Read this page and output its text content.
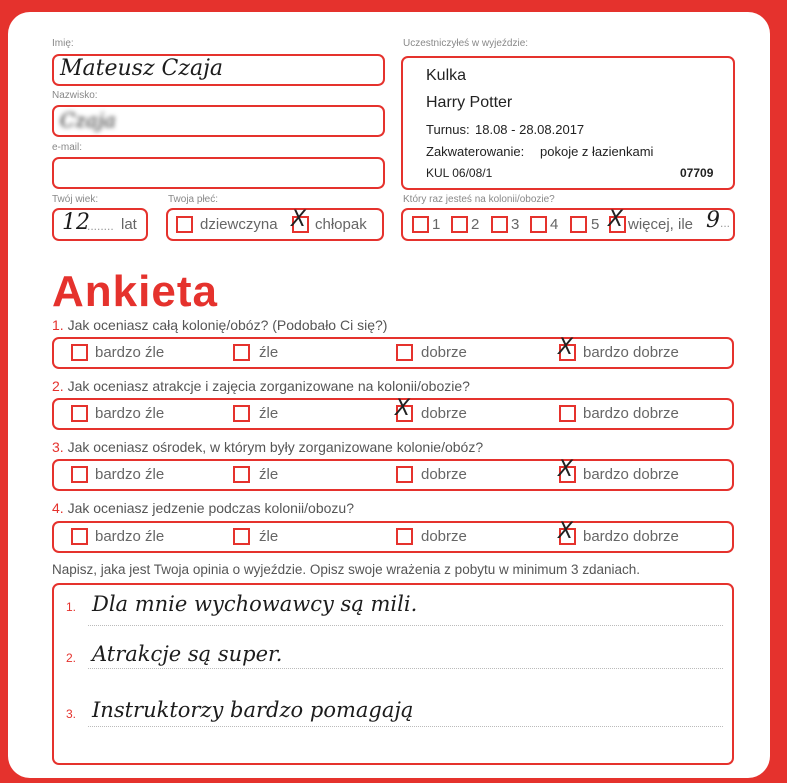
Imię:
Mateusz Czaja
Nazwisko:
Czaja
e-mail:
Uczestniczyłeś w wyjeździe:
Kulka
Harry Potter
Turnus: 18.08 - 28.08.2017
Zakwaterowanie: pokoje z łazienkami
KUL 06/08/1	07709
Twój wiek:
12
........ lat
Twoja płeć:
dziewczyna X chłopak
Który raz jesteś na kolonii/obozie?
1 2 3 4 5 X więcej, ile 9 ...
Ankieta
1. Jak oceniasz całą kolonię/obóz? (Podobało Ci się?)
bardzo źle	źle	dobrze	X bardzo dobrze
2. Jak oceniasz atrakcje i zajęcia zorganizowane na kolonii/obozie?
bardzo źle	źle	X dobrze	bardzo dobrze
3. Jak oceniasz ośrodek, w którym były zorganizowane kolonie/obóz?
bardzo źle	źle	dobrze	X bardzo dobrze
4. Jak oceniasz jedzenie podczas kolonii/obozu?
bardzo źle	źle	dobrze	X bardzo dobrze
Napisz, jaka jest Twoja opinia o wyjeździe. Opisz swoje wrażenia z pobytu w minimum 3 zdaniach.
1. Dla mnie wychowawcy są mili.
2. Atrakcje są super.
3. Instruktorzy bardzo pomagają
